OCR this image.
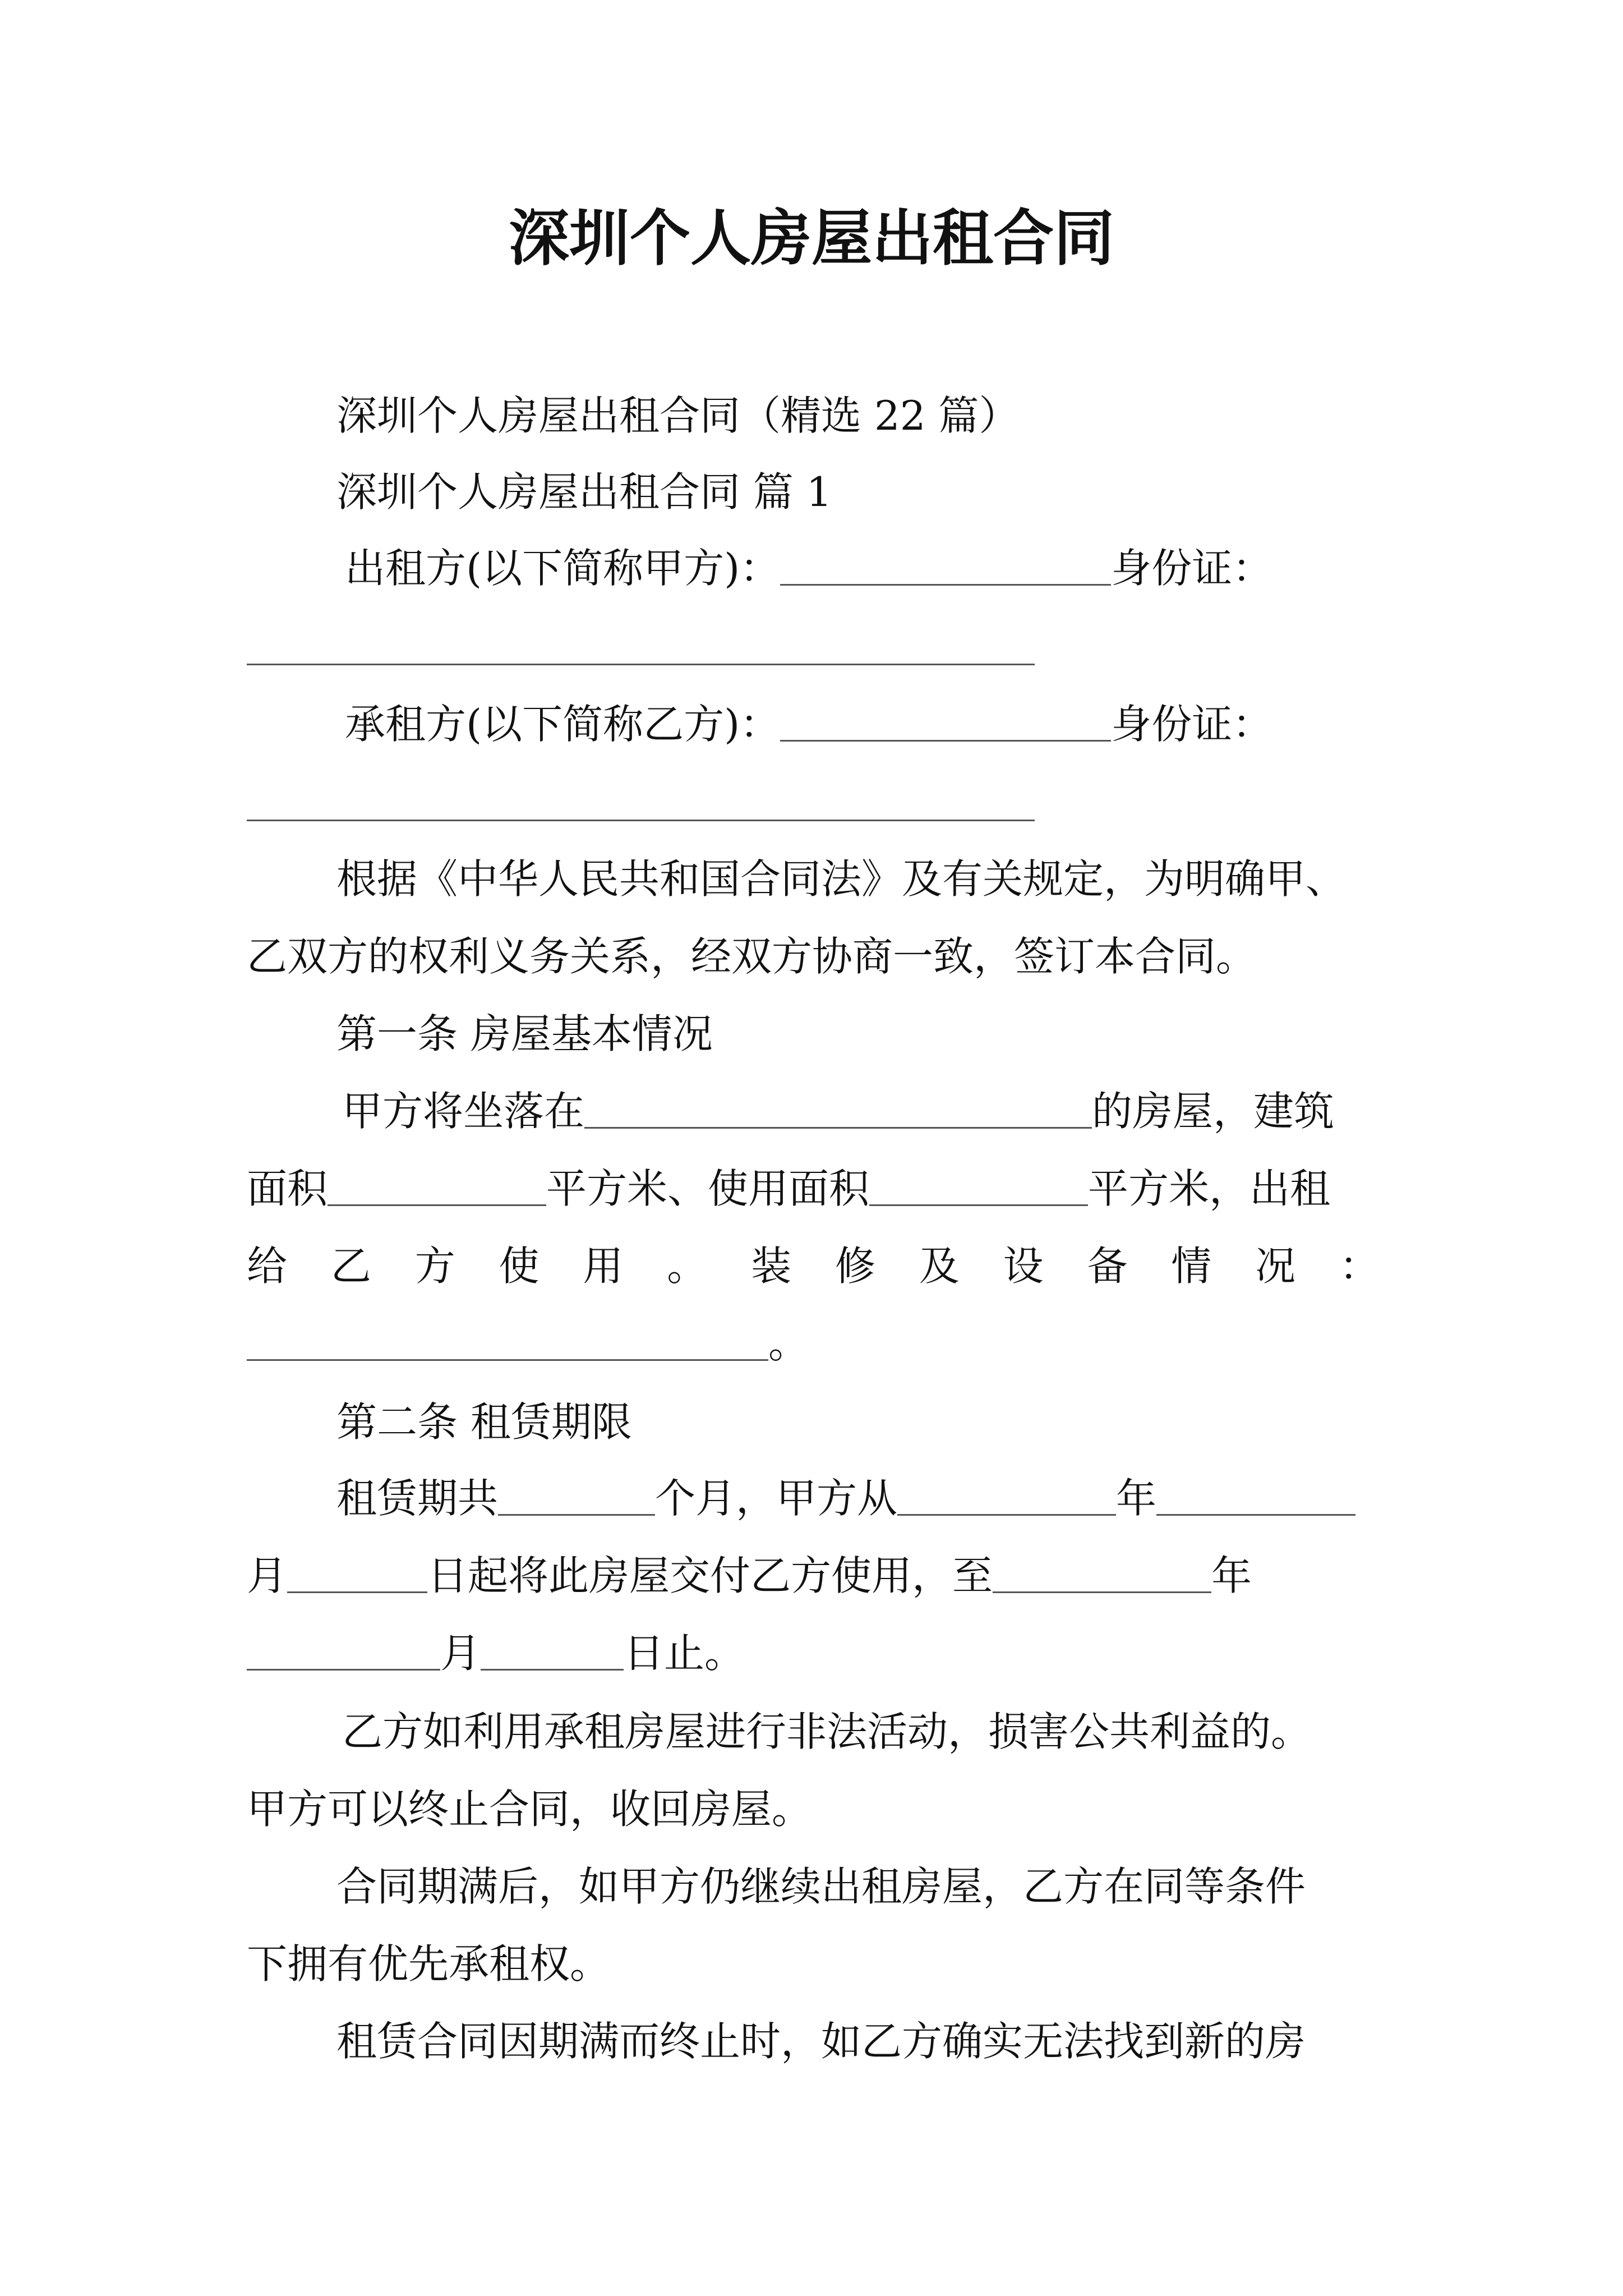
深圳个人房屋出租合同
深圳个人房屋出租合同（精选 22 篇）
深圳个人房屋出租合同 篇 1
出租方(以下简称甲方)：	身份证：
承租方(以下简称乙方)：	身份证：
根据《中华人民共和国合同法》及有关规定，为明确甲、
乙双方的权利义务关系，经双方协商一致，签订本合同。
第一条 房屋基本情况
甲方将坐落在	的房屋，建筑
面积	平方米、使用面积	平方米，出租
给 乙 方 使 用 。 装 修 及 设 备 情 况 ：
。
第二条 租赁期限
租赁期共	个月，甲方从	年
月	日起将此房屋交付乙方使用，至	年
月	日止。
乙方如利用承租房屋进行非法活动，损害公共利益的。
甲方可以终止合同，收回房屋。
合同期满后，如甲方仍继续出租房屋，乙方在同等条件
下拥有优先承租权。
租赁合同因期满而终止时，如乙方确实无法找到新的房
